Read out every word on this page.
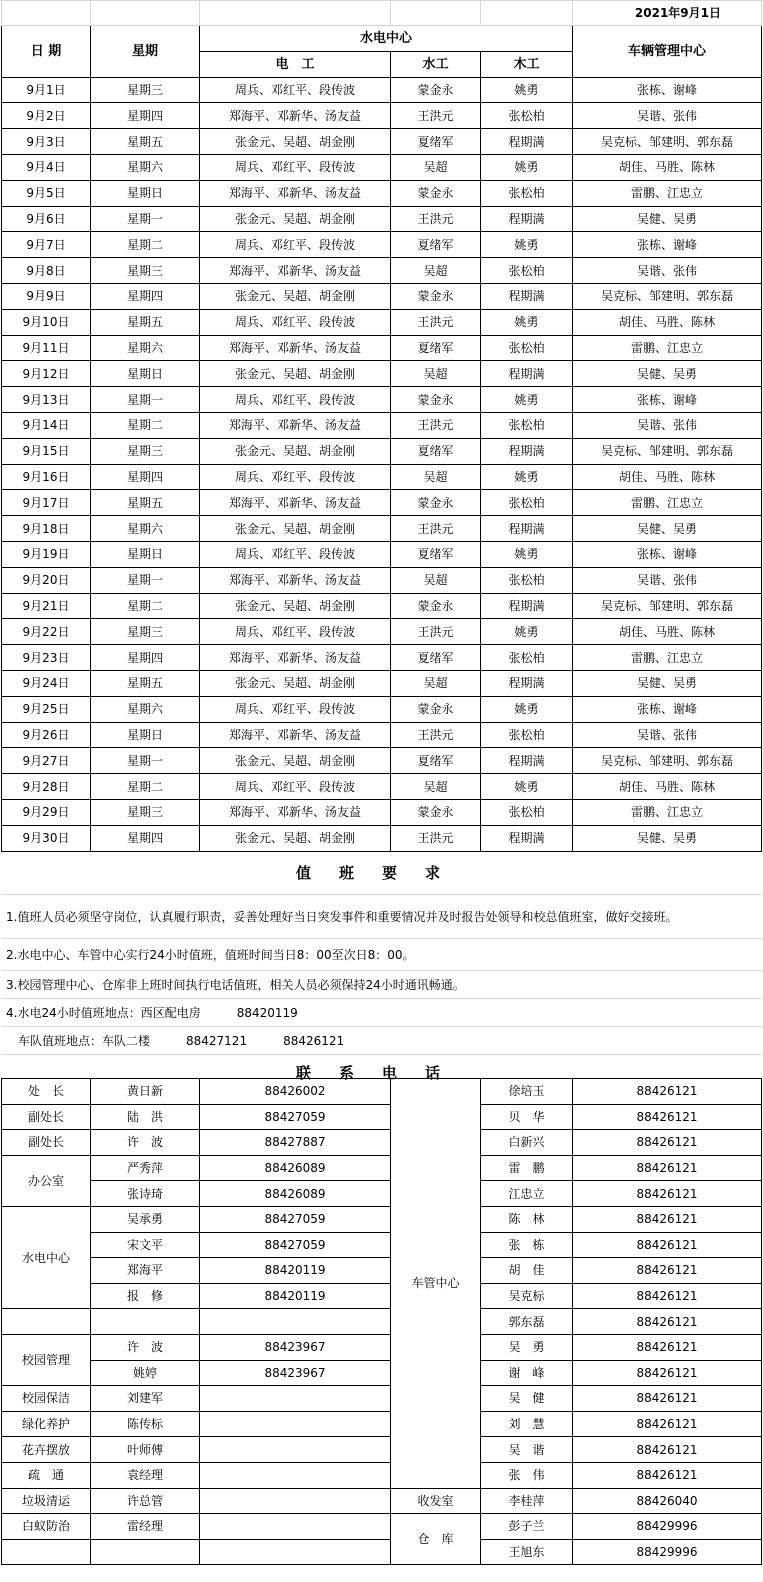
					2021年9月1日
日 期	星期	水电中心			车辆管理中心
		电　工	水工	木工	
9月1日	星期三	周兵、邓红平、段传波	蒙金永	姚勇	张栋、谢峰
9月2日	星期四	郑海平、邓新华、汤友益	王洪元	张松柏	吴谐、张伟
9月3日	星期五	张金元、吴超、胡金刚	夏绪军	程期满	吴克标、邹建明、郭东磊
9月4日	星期六	周兵、邓红平、段传波	吴超	姚勇	胡佳、马胜、陈林
9月5日	星期日	郑海平、邓新华、汤友益	蒙金永	张松柏	雷鹏、江忠立
9月6日	星期一	张金元、吴超、胡金刚	王洪元	程期满	吴健、吴勇
9月7日	星期二	周兵、邓红平、段传波	夏绪军	姚勇	张栋、谢峰
9月8日	星期三	郑海平、邓新华、汤友益	吴超	张松柏	吴谐、张伟
9月9日	星期四	张金元、吴超、胡金刚	蒙金永	程期满	吴克标、邹建明、郭东磊
9月10日	星期五	周兵、邓红平、段传波	王洪元	姚勇	胡佳、马胜、陈林
9月11日	星期六	郑海平、邓新华、汤友益	夏绪军	张松柏	雷鹏、江忠立
9月12日	星期日	张金元、吴超、胡金刚	吴超	程期满	吴健、吴勇
9月13日	星期一	周兵、邓红平、段传波	蒙金永	姚勇	张栋、谢峰
9月14日	星期二	郑海平、邓新华、汤友益	王洪元	张松柏	吴谐、张伟
9月15日	星期三	张金元、吴超、胡金刚	夏绪军	程期满	吴克标、邹建明、郭东磊
9月16日	星期四	周兵、邓红平、段传波	吴超	姚勇	胡佳、马胜、陈林
9月17日	星期五	郑海平、邓新华、汤友益	蒙金永	张松柏	雷鹏、江忠立
9月18日	星期六	张金元、吴超、胡金刚	王洪元	程期满	吴健、吴勇
9月19日	星期日	周兵、邓红平、段传波	夏绪军	姚勇	张栋、谢峰
9月20日	星期一	郑海平、邓新华、汤友益	吴超	张松柏	吴谐、张伟
9月21日	星期二	张金元、吴超、胡金刚	蒙金永	程期满	吴克标、邹建明、郭东磊
9月22日	星期三	周兵、邓红平、段传波	王洪元	姚勇	胡佳、马胜、陈林
9月23日	星期四	郑海平、邓新华、汤友益	夏绪军	张松柏	雷鹏、江忠立
9月24日	星期五	张金元、吴超、胡金刚	吴超	程期满	吴健、吴勇
9月25日	星期六	周兵、邓红平、段传波	蒙金永	姚勇	张栋、谢峰
9月26日	星期日	郑海平、邓新华、汤友益	王洪元	张松柏	吴谐、张伟
9月27日	星期一	张金元、吴超、胡金刚	夏绪军	程期满	吴克标、邹建明、郭东磊
9月28日	星期二	周兵、邓红平、段传波	吴超	姚勇	胡佳、马胜、陈林
9月29日	星期三	郑海平、邓新华、汤友益	蒙金永	张松柏	雷鹏、江忠立
9月30日	星期四	张金元、吴超、胡金刚	王洪元	程期满	吴健、吴勇
值班要求
1.值班人员必须坚守岗位，认真履行职责，妥善处理好当日突发事件和重要情况并及时报告处领导和校总值班室，做好交接班。
2.水电中心、车管中心实行24小时值班，值班时间当日8：00至次日8：00。
3.校园管理中心、仓库非上班时间执行电话值班，相关人员必须保持24小时通讯畅通。
4.水电24小时值班地点：西区配电房　　　88420119
　车队值班地点：车队二楼　　　88427121　　　88426121
联系电话
处　长	黄日新	88426002	车管中心	徐培玉	88426121
副处长	陆　洪	88427059		贝　华	88426121
副处长	许　波	88427887		白新兴	88426121
办公室	严秀萍	88426089		雷　鹏	88426121
	张诗琦	88426089		江忠立	88426121
水电中心	吴承勇	88427059		陈　林	88426121
	宋文平	88427059		张　栋	88426121
	郑海平	88420119		胡　佳	88426121
	报　修	88420119		吴克标	88426121
				郭东磊	88426121
校园管理	许　波	88423967		吴　勇	88426121
	姚婷	88423967		谢　峰	88426121
校园保洁	刘建军			吴　健	88426121
绿化养护	陈传标			刘　慧	88426121
花卉摆放	叶师傅			吴　谐	88426121
疏　通	袁经理			张　伟	88426121
垃圾清运	许总管		收发室	李桂萍	88426040
白蚁防治	雷经理		仓　库	彭子兰	88429996
				王旭东	88429996
